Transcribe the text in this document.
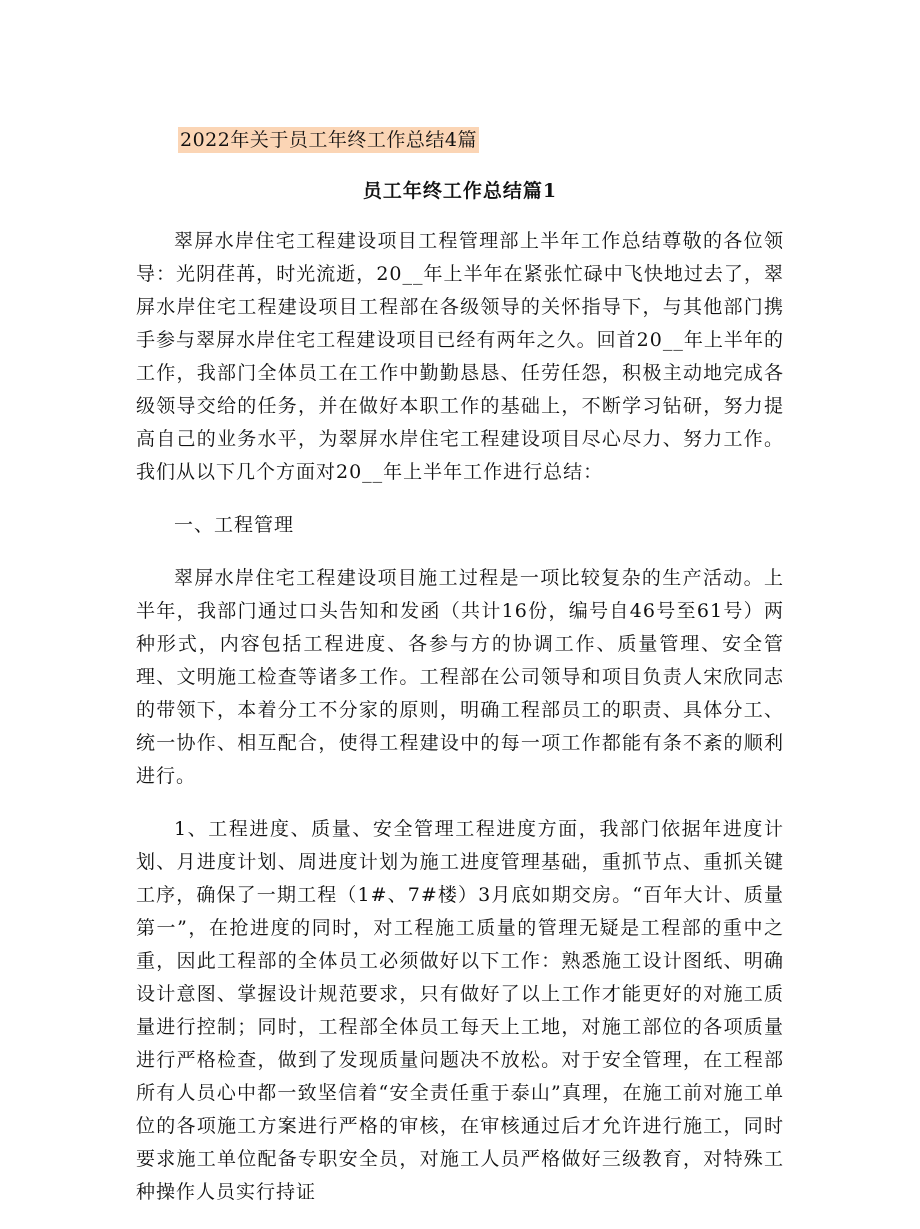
2022年关于员工年终工作总结4篇
员工年终工作总结篇1

翠屏水岸住宅工程建设项目工程管理部上半年工作总结尊敬的各位领导：光阴荏苒，时光流逝，20__年上半年在紧张忙碌中飞快地过去了，翠屏水岸住宅工程建设项目工程部在各级领导的关怀指导下，与其他部门携手参与翠屏水岸住宅工程建设项目已经有两年之久。回首20__年上半年的工作，我部门全体员工在工作中勤勤恳恳、任劳任怨，积极主动地完成各级领导交给的任务，并在做好本职工作的基础上，不断学习钻研，努力提高自己的业务水平，为翠屏水岸住宅工程建设项目尽心尽力、努力工作。我们从以下几个方面对20__年上半年工作进行总结：

一、工程管理

翠屏水岸住宅工程建设项目施工过程是一项比较复杂的生产活动。上半年，我部门通过口头告知和发函（共计16份，编号自46号至61号）两种形式，内容包括工程进度、各参与方的协调工作、质量管理、安全管理、文明施工检查等诸多工作。工程部在公司领导和项目负责人宋欣同志的带领下，本着分工不分家的原则，明确工程部员工的职责、具体分工、统一协作、相互配合，使得工程建设中的每一项工作都能有条不紊的顺利进行。

1、工程进度、质量、安全管理工程进度方面，我部门依据年进度计划、月进度计划、周进度计划为施工进度管理基础，重抓节点、重抓关键工序，确保了一期工程（1#、7#楼）3月底如期交房。“百年大计、质量第一”，在抢进度的同时，对工程施工质量的管理无疑是工程部的重中之重，因此工程部的全体员工必须做好以下工作：熟悉施工设计图纸、明确设计意图、掌握设计规范要求，只有做好了以上工作才能更好的对施工质量进行控制；同时，工程部全体员工每天上工地，对施工部位的各项质量进行严格检查，做到了发现质量问题决不放松。对于安全管理，在工程部所有人员心中都一致坚信着“安全责任重于泰山”真理，在施工前对施工单位的各项施工方案进行严格的审核，在审核通过后才允许进行施工，同时要求施工单位配备专职安全员，对施工人员严格做好三级教育，对特殊工种操作人员实行持证
